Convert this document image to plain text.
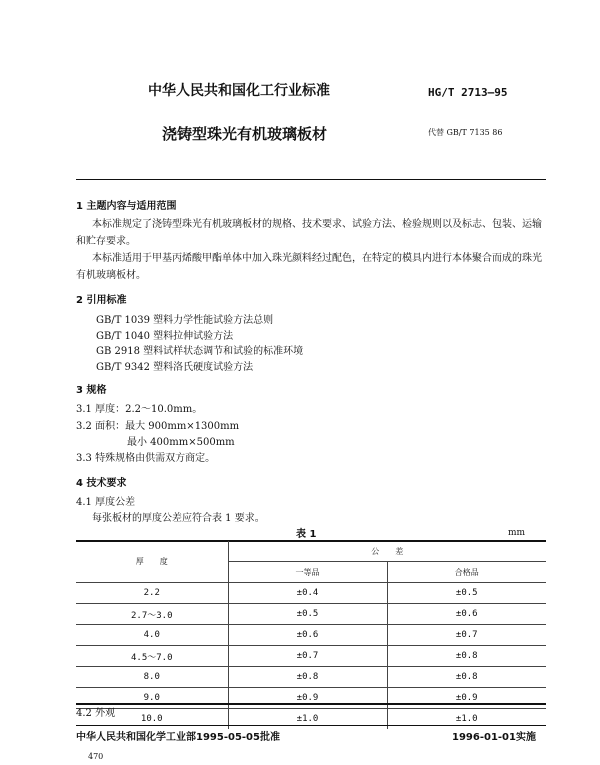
中华人民共和国化工行业标准	HG/T 2713—95
浇铸型珠光有机玻璃板材	代替 GB/T 7135 86
1 主题内容与适用范围
本标准规定了浇铸型珠光有机玻璃板材的规格、技术要求、试验方法、检验规则以及标志、包装、运输和贮存要求。
本标准适用于甲基丙烯酸甲酯单体中加入珠光颜料经过配色，在特定的模具内进行本体聚合而成的珠光有机玻璃板材。
2 引用标准
GB/T 1039 塑料力学性能试验方法总则
GB/T 1040 塑料拉伸试验方法
GB 2918 塑料试样状态调节和试验的标准环境
GB/T 9342 塑料洛氏硬度试验方法
3 规格
3.1 厚度：2.2～10.0mm。
3.2 面积：最大 900mm×1300mm
最小 400mm×500mm
3.3 特殊规格由供需双方商定。
4 技术要求
4.1 厚度公差
每张板材的厚度公差应符合表 1 要求。
表 1	mm
厚　　度	公　　差	
	一等品	合格品
2.2	±0.4	±0.5
2.7～3.0	±0.5	±0.6
4.0	±0.6	±0.7
4.5～7.0	±0.7	±0.8
8.0	±0.8	±0.8
9.0	±0.9	±0.9
10.0	±1.0	±1.0
4.2 外观
中华人民共和国化学工业部1995-05-05批准	1996-01-01实施
470
